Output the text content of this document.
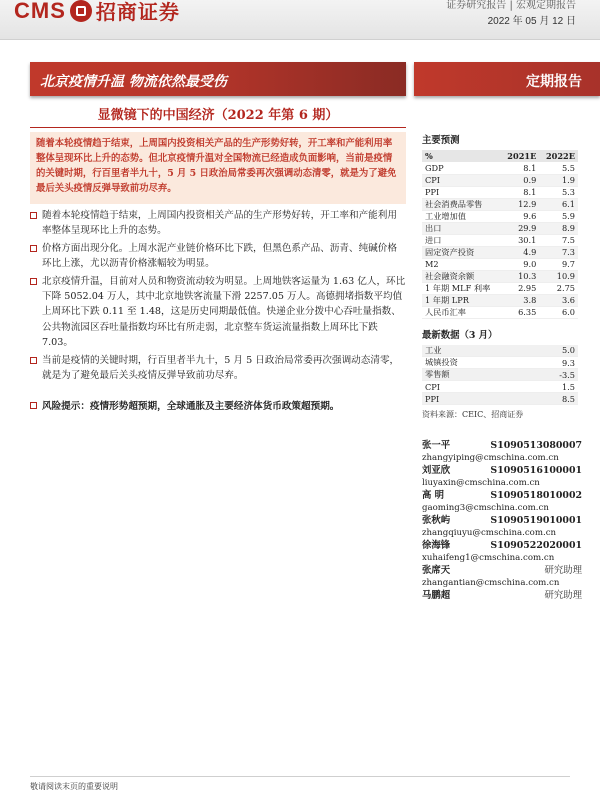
CMS 招商证券	证券研究报告 | 宏观定期报告
2022 年 05 月 12 日
北京疫情升温 物流依然最受伤	定期报告
显微镜下的中国经济（2022 年第 6 期）
随着本轮疫情趋于结束，上周国内投资相关产品的生产形势好转，开工率和产能利用率整体呈现环比上升的态势。但北京疫情升温对全国物流已经造成负面影响，当前是疫情的关键时期，行百里者半九十，5 月 5 日政治局常委再次强调动态清零，就是为了避免最后关头疫情反弹导致前功尽弃。
随着本轮疫情趋于结束，上周国内投资相关产品的生产形势好转，开工率和产能利用率整体呈现环比上升的态势。
价格方面出现分化。上周水泥产业链价格环比下跌，但黑色系产品、沥青、纯碱价格环比上涨，尤以沥青价格涨幅较为明显。
北京疫情升温，目前对人员和物资流动较为明显。上周地铁客运量为 1.63 亿人，环比下降 5052.04 万人，其中北京地铁客流量下滑 2257.05 万人。高德拥堵指数平均值上周环比下跌 0.11 至 1.48，这是历史同期最低值。快递企业分拨中心吞吐量指数、公共物流园区吞吐量指数均环比有所走弱，北京整车货运流量指数上周环比下跌 7.03。
当前是疫情的关键时期，行百里者半九十，5 月 5 日政治局常委再次强调动态清零，就是为了避免最后关头疫情反弹导致前功尽弃。
风险提示：疫情形势超预期，全球通胀及主要经济体货币政策超预期。
主要预测
%	2021E	2022E
GDP	8.1	5.5
CPI	0.9	1.9
PPI	8.1	5.3
社会消费品零售	12.9	6.1
工业增加值	9.6	5.9
出口	29.9	8.9
进口	30.1	7.5
固定资产投资	4.9	7.3
M2	9.0	9.7
社会融资余额	10.3	10.9
1 年期 MLF 利率	2.95	2.75
1 年期 LPR	3.8	3.6
人民币汇率	6.35	6.0
最新数据（3 月）
工业	5.0
城镇投资	9.3
零售额	-3.5
CPI	1.5
PPI	8.5
资料来源：CEIC、招商证券
张一平	S1090513080007
zhangyiping@cmschina.com.cn
刘亚欣	S1090516100001
liuyaxin@cmschina.com.cn
高 明	S1090518010002
gaoming3@cmschina.com.cn
张秋屿	S1090519010001
zhangqiuyu@cmschina.com.cn
徐海锋	S1090522020001
xuhaifeng1@cmschina.com.cn
张席天	研究助理
zhangantian@cmschina.com.cn
马鹏超	研究助理
敬请阅读末页的重要说明
